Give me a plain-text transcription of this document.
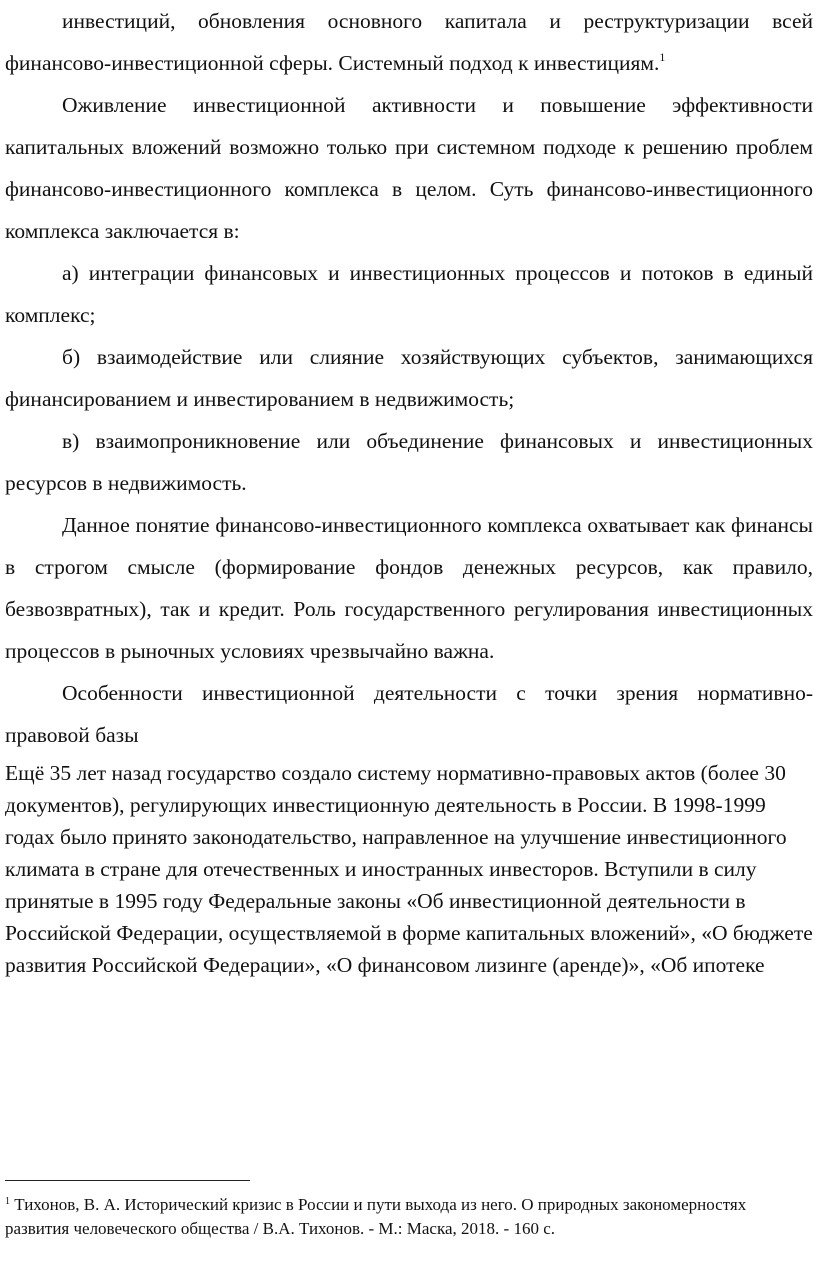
инвестиций, обновления основного капитала и реструктуризации всей финансово-инвестиционной сферы. Системный подход к инвестициям.$^1$

Оживление инвестиционной активности и повышение эффективности капитальных вложений возможно только при системном подходе к решению проблем финансово-инвестиционного комплекса в целом. Суть финансово-инвестиционного комплекса заключается в:

а) интеграции финансовых и инвестиционных процессов и потоков в единый комплекс;

б) взаимодействие или слияние хозяйствующих субъектов, занимающихся финансированием и инвестированием в недвижимость;

в) взаимопроникновение или объединение финансовых и инвестиционных ресурсов в недвижимость.

Данное понятие финансово-инвестиционного комплекса охватывает как финансы в строгом смысле (формирование фондов денежных ресурсов, как правило, безвозвратных), так и кредит. Роль государственного регулирования инвестиционных процессов в рыночных условиях чрезвычайно важна.

Особенности инвестиционной деятельности с точки зрения нормативно-правовой базы

Ещё 35 лет назад государство создало систему нормативно-правовых актов (более 30 документов), регулирующих инвестиционную деятельность в России. В 1998-1999 годах было принято законодательство, направленное на улучшение инвестиционного климата в стране для отечественных и иностранных инвесторов. Вступили в силу принятые в 1995 году Федеральные законы «Об инвестиционной деятельности в Российской Федерации, осуществляемой в форме капитальных вложений», «О бюджете развития Российской Федерации», «О финансовом лизинге (аренде)», «Об ипотеке

$^1$ Тихонов, В. А. Исторический кризис в России и пути выхода из него. О природных закономерностях развития человеческого общества / В.А. Тихонов. - М.: Маска, 2018. - 160 с.
